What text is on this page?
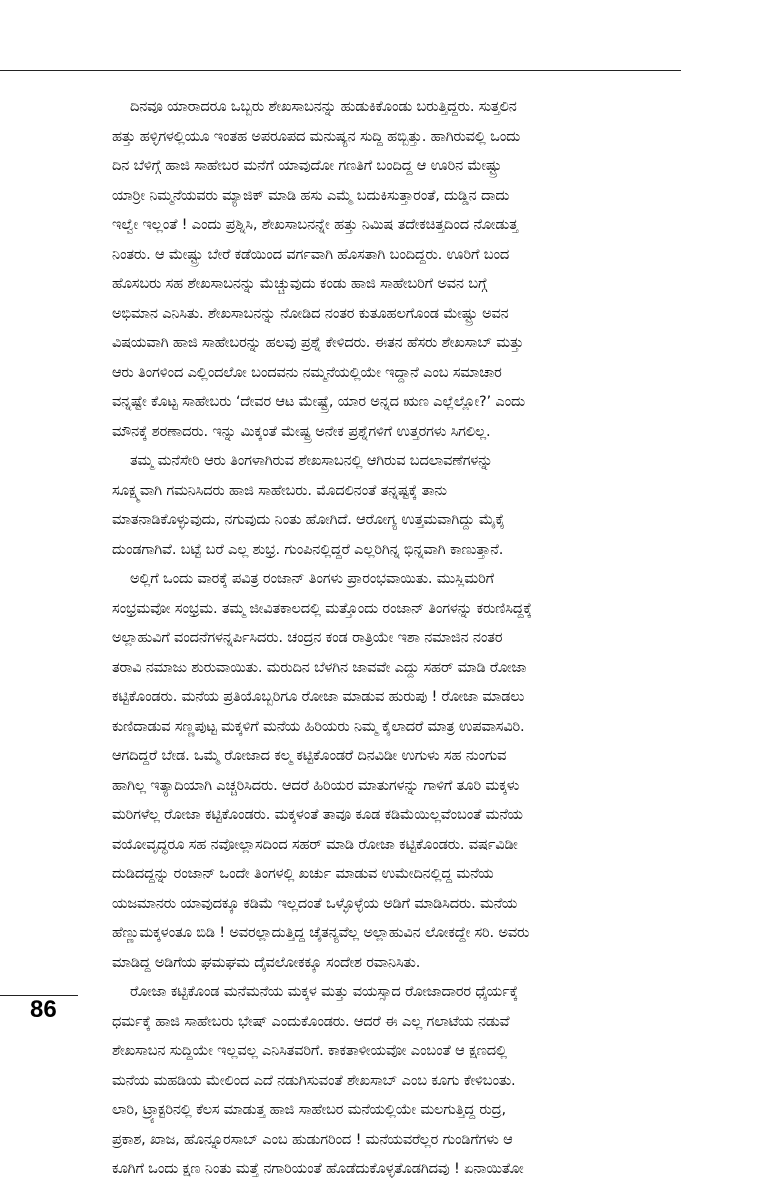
ದಿನವೂ ಯಾರಾದರೂ ಒಬ್ಬರು ಶೇಖಸಾಬನನ್ನು ಹುಡುಕಿಕೊಂಡು ಬರುತ್ತಿದ್ದರು. ಸುತ್ತಲಿನ
ಹತ್ತು ಹಳ್ಳಿಗಳಲ್ಲಿಯೂ ಇಂತಹ ಅಪರೂಪದ ಮನುಷ್ಯನ ಸುದ್ದಿ ಹಬ್ಬಿತ್ತು. ಹಾಗಿರುವಲ್ಲಿ ಒಂದು
ದಿನ ಬೆಳಿಗ್ಗೆ ಹಾಜಿ ಸಾಹೇಬರ ಮನೆಗೆ ಯಾವುದೋ ಗಣತಿಗೆ ಬಂದಿದ್ದ ಆ ಊರಿನ ಮೇಷ್ಟ್ರು
ಯಾರ್‍ರೀ ನಿಮ್ಮನೆಯವರು ಮ್ಯಾಜಿಕ್ ಮಾಡಿ ಹಸು ಎಮ್ಮೆ ಬದುಕಿಸುತ್ತಾರಂತೆ, ದುಡ್ಡಿನ ದಾದು
ಇಲ್ವೇ ಇಲ್ಲಂತೆ ! ಎಂದು ಪ್ರಶ್ನಿಸಿ, ಶೇಖಸಾಬನನ್ನೇ ಹತ್ತು ನಿಮಿಷ ತದೇಕಚಿತ್ತದಿಂದ ನೋಡುತ್ತ
ನಿಂತರು. ಆ ಮೇಷ್ಟ್ರು ಬೇರೆ ಕಡೆಯಿಂದ ವರ್ಗವಾಗಿ ಹೊಸತಾಗಿ ಬಂದಿದ್ದರು. ಊರಿಗೆ ಬಂದ
ಹೊಸಬರು ಸಹ ಶೇಖಸಾಬನನ್ನು ಮೆಚ್ಚುವುದು ಕಂಡು ಹಾಜಿ ಸಾಹೇಬರಿಗೆ ಅವನ ಬಗ್ಗೆ
ಅಭಿಮಾನ ಎನಿಸಿತು. ಶೇಖಸಾಬನನ್ನು ನೋಡಿದ ನಂತರ ಕುತೂಹಲಗೊಂಡ ಮೇಷ್ಟ್ರು ಅವನ
ವಿಷಯವಾಗಿ ಹಾಜಿ ಸಾಹೇಬರನ್ನು ಹಲವು ಪ್ರಶ್ನೆ ಕೇಳಿದರು. ಈತನ ಹೆಸರು ಶೇಖಸಾಬ್ ಮತ್ತು
ಆರು ತಿಂಗಳಿಂದ ಎಲ್ಲಿಂದಲೋ ಬಂದವನು ನಮ್ಮನೆಯಲ್ಲಿಯೇ ಇದ್ದಾನೆ ಎಂಬ ಸಮಾಚಾರ
ವನ್ನಷ್ಟೇ ಕೊಟ್ಟ ಸಾಹೇಬರು ‘ದೇವರ ಆಟ ಮೇಷ್ಟ್ರೆ, ಯಾರ ಅನ್ನದ ಋಣ ಎಲ್ಲೆಲ್ಲೋ?’ ಎಂದು
ಮೌನಕ್ಕೆ ಶರಣಾದರು. ಇನ್ನು ಮಿಕ್ಕಂತೆ ಮೇಷ್ಟ್ರ ಅನೇಕ ಪ್ರಶ್ನೆಗಳಿಗೆ ಉತ್ತರಗಳು ಸಿಗಲಿಲ್ಲ.
ತಮ್ಮ ಮನೆಸೇರಿ ಆರು ತಿಂಗಳಾಗಿರುವ ಶೇಖಸಾಬನಲ್ಲಿ ಆಗಿರುವ ಬದಲಾವಣೆಗಳನ್ನು
ಸೂಕ್ಷ್ಮವಾಗಿ ಗಮನಿಸಿದರು ಹಾಜಿ ಸಾಹೇಬರು. ಮೊದಲಿನಂತೆ ತನ್ನಷ್ಟಕ್ಕೆ ತಾನು
ಮಾತನಾಡಿಕೊಳ್ಳುವುದು, ನಗುವುದು ನಿಂತು ಹೋಗಿದೆ. ಆರೋಗ್ಯ ಉತ್ತಮವಾಗಿದ್ದು ಮೈಕೈ
ದುಂಡಗಾಗಿವೆ. ಬಟ್ಟೆ ಬರೆ ಎಲ್ಲ ಶುಭ್ರ. ಗುಂಪಿನಲ್ಲಿದ್ದರೆ ಎಲ್ಲರಿಗಿನ್ನ ಭಿನ್ನವಾಗಿ ಕಾಣುತ್ತಾನೆ.
ಅಲ್ಲಿಗೆ ಒಂದು ವಾರಕ್ಕೆ ಪವಿತ್ರ ರಂಜಾನ್ ತಿಂಗಳು ಪ್ರಾರಂಭವಾಯಿತು. ಮುಸ್ಲಿಮರಿಗೆ
ಸಂಭ್ರಮವೋ ಸಂಭ್ರಮ. ತಮ್ಮ ಜೀವಿತಕಾಲದಲ್ಲಿ ಮತ್ತೊಂದು ರಂಜಾನ್ ತಿಂಗಳನ್ನು ಕರುಣಿಸಿದ್ದಕ್ಕೆ
ಅಲ್ಲಾಹುವಿಗೆ ವಂದನೆಗಳನ್ನರ್ಪಿಸಿದರು. ಚಂದ್ರನ ಕಂಡ ರಾತ್ರಿಯೇ ಇಶಾ ನಮಾಜಿನ ನಂತರ
ತರಾವಿ ನಮಾಜು ಶುರುವಾಯಿತು. ಮರುದಿನ ಬೆಳಗಿನ ಜಾವವೇ ಎದ್ದು ಸಹರ್ ಮಾಡಿ ರೋಜಾ
ಕಟ್ಟಿಕೊಂಡರು. ಮನೆಯ ಪ್ರತಿಯೊಬ್ಬರಿಗೂ ರೋಜಾ ಮಾಡುವ ಹುರುಪು ! ರೋಜಾ ಮಾಡಲು
ಕುಣಿದಾಡುವ ಸಣ್ಣಪುಟ್ಟ ಮಕ್ಕಳಿಗೆ ಮನೆಯ ಹಿರಿಯರು ನಿಮ್ಮ ಕೈಲಾದರೆ ಮಾತ್ರ ಉಪವಾಸವಿರಿ.
ಆಗದಿದ್ದರೆ ಬೇಡ. ಒಮ್ಮೆ ರೋಜಾದ ಕಲ್ಮ ಕಟ್ಟಿಕೊಂಡರೆ ದಿನವಿಡೀ ಉಗುಳು ಸಹ ನುಂಗುವ
ಹಾಗಿಲ್ಲ ಇತ್ಯಾದಿಯಾಗಿ ಎಚ್ಚರಿಸಿದರು. ಆದರೆ ಹಿರಿಯರ ಮಾತುಗಳನ್ನು ಗಾಳಿಗೆ ತೂರಿ ಮಕ್ಕಳು
ಮರಿಗಳೆಲ್ಲ ರೋಜಾ ಕಟ್ಟಿಕೊಂಡರು. ಮಕ್ಕಳಂತೆ ತಾವೂ ಕೂಡ ಕಡಿಮೆಯಿಲ್ಲವೆಂಬಂತೆ ಮನೆಯ
ವಯೋವೃದ್ಧರೂ ಸಹ ನವೋಲ್ಲಾಸದಿಂದ ಸಹರ್ ಮಾಡಿ ರೋಜಾ ಕಟ್ಟಿಕೊಂಡರು. ವರ್ಷವಿಡೀ
ದುಡಿದದ್ದನ್ನು ರಂಜಾನ್ ಒಂದೇ ತಿಂಗಳಲ್ಲಿ ಖರ್ಚು ಮಾಡುವ ಉಮೇದಿನಲ್ಲಿದ್ದ ಮನೆಯ
ಯಜಮಾನರು ಯಾವುದಕ್ಕೂ ಕಡಿಮೆ ಇಲ್ಲದಂತೆ ಒಳ್ಳೊಳ್ಳೆಯ ಅಡಿಗೆ ಮಾಡಿಸಿದರು. ಮನೆಯ
ಹೆಣ್ಣುಮಕ್ಕಳಂತೂ ಬಿಡಿ ! ಅವರಲ್ಲಾದುತ್ತಿದ್ದ ಚೈತನ್ಯವೆಲ್ಲ ಅಲ್ಲಾಹುವಿನ ಲೋಕದ್ದೇ ಸರಿ. ಅವರು
ಮಾಡಿದ್ದ ಅಡಿಗೆಯ ಘಮಘಮ ದೈವಲೋಕಕ್ಕೂ ಸಂದೇಶ ರವಾನಿಸಿತು.
ರೋಜಾ ಕಟ್ಟಿಕೊಂಡ ಮನೆಮನೆಯ ಮಕ್ಕಳ ಮತ್ತು ವಯಸ್ಸಾದ ರೋಜಾದಾರರ ಧೈರ್ಯಕ್ಕೆ
ಧರ್ಮಕ್ಕೆ ಹಾಜಿ ಸಾಹೇಬರು ಭೇಷ್ ಎಂದುಕೊಂಡರು. ಆದರೆ ಈ ಎಲ್ಲ ಗಲಾಟೆಯ ನಡುವೆ
ಶೇಖಸಾಬನ ಸುದ್ದಿಯೇ ಇಲ್ಲವಲ್ಲ ಎನಿಸಿತವರಿಗೆ. ಕಾಕತಾಳೀಯವೋ ಎಂಬಂತೆ ಆ ಕ್ಷಣದಲ್ಲಿ
ಮನೆಯ ಮಹಡಿಯ ಮೇಲಿಂದ ಎದೆ ನಡುಗಿಸುವಂತೆ ಶೇಖಸಾಬ್ ಎಂಬ ಕೂಗು ಕೇಳಿಬಂತು.
ಲಾರಿ, ಟ್ರ್ಯಾಕ್ಟರಿನಲ್ಲಿ ಕೆಲಸ ಮಾಡುತ್ತ ಹಾಜಿ ಸಾಹೇಬರ ಮನೆಯಲ್ಲಿಯೇ ಮಲಗುತ್ತಿದ್ದ ರುದ್ರ,
ಪ್ರಕಾಶ, ಖಾಜ, ಹೊನ್ನೂರಸಾಬ್ ಎಂಬ ಹುಡುಗರಿಂದ ! ಮನೆಯವರೆಲ್ಲರ ಗುಂಡಿಗೆಗಳು ಆ
ಕೂಗಿಗೆ ಒಂದು ಕ್ಷಣ ನಿಂತು ಮತ್ತೆ ನಗಾರಿಯಂತೆ ಹೊಡೆದುಕೊಳ್ಳತೊಡಗಿದವು ! ಏನಾಯಿತೋ
86
